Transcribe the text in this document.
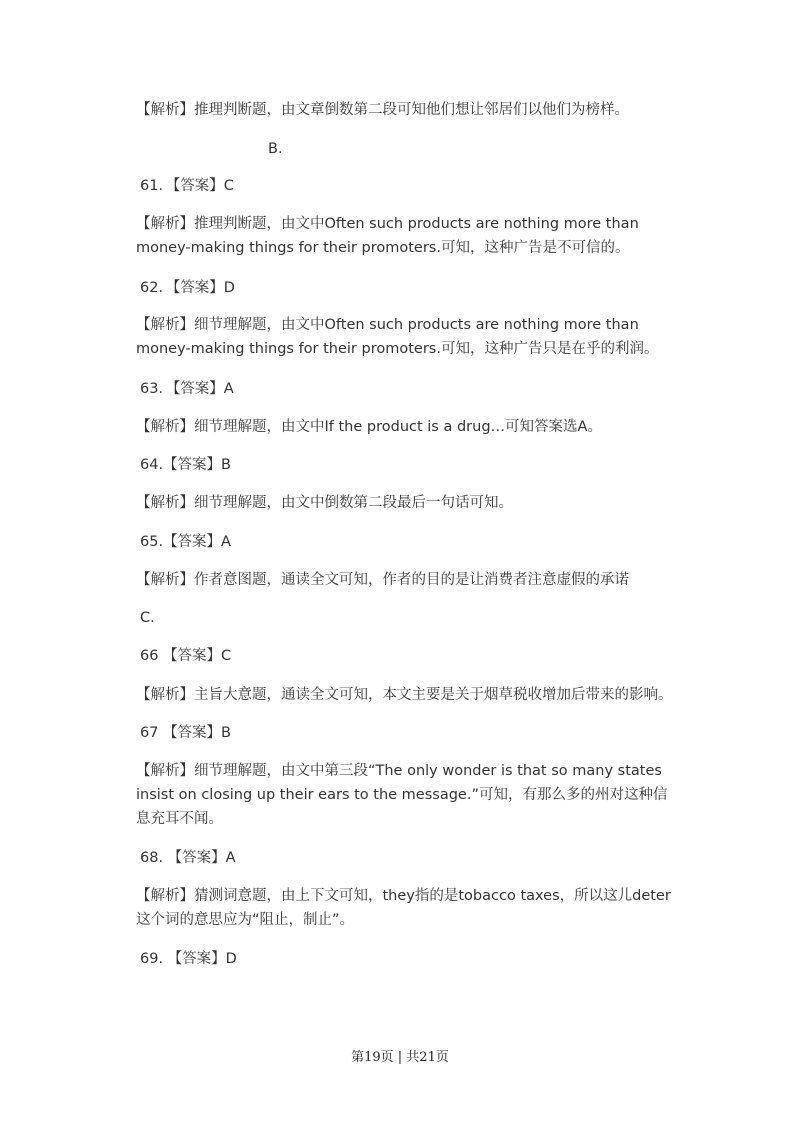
【解析】推理判断题，由文章倒数第二段可知他们想让邻居们以他们为榜样。
B.
61．【答案】C
【解析】推理判断题，由文中Often such products are nothing more than
money-making things for their promoters.可知，这种广告是不可信的。
62．【答案】D
【解析】细节理解题，由文中Often such products are nothing more than
money-making things for their promoters.可知，这种广告只是在乎的利润。
63．【答案】A
【解析】细节理解题，由文中If the product is a drug…可知答案选A。
64.【答案】B
【解析】细节理解题，由文中倒数第二段最后一句话可知。
65.【答案】A
【解析】作者意图题，通读全文可知，作者的目的是让消费者注意虚假的承诺
C.
66 【答案】C
【解析】主旨大意题，通读全文可知，本文主要是关于烟草税收增加后带来的影响。
67 【答案】B
【解析】细节理解题，由文中第三段“The only wonder is that so many states
insist on closing up their ears to the message.”可知，有那么多的州对这种信
息充耳不闻。
68. 【答案】A
【解析】猜测词意题，由上下文可知，they指的是tobacco taxes，所以这儿deter
这个词的意思应为“阻止，制止”。
69. 【答案】D
第19页 | 共21页
